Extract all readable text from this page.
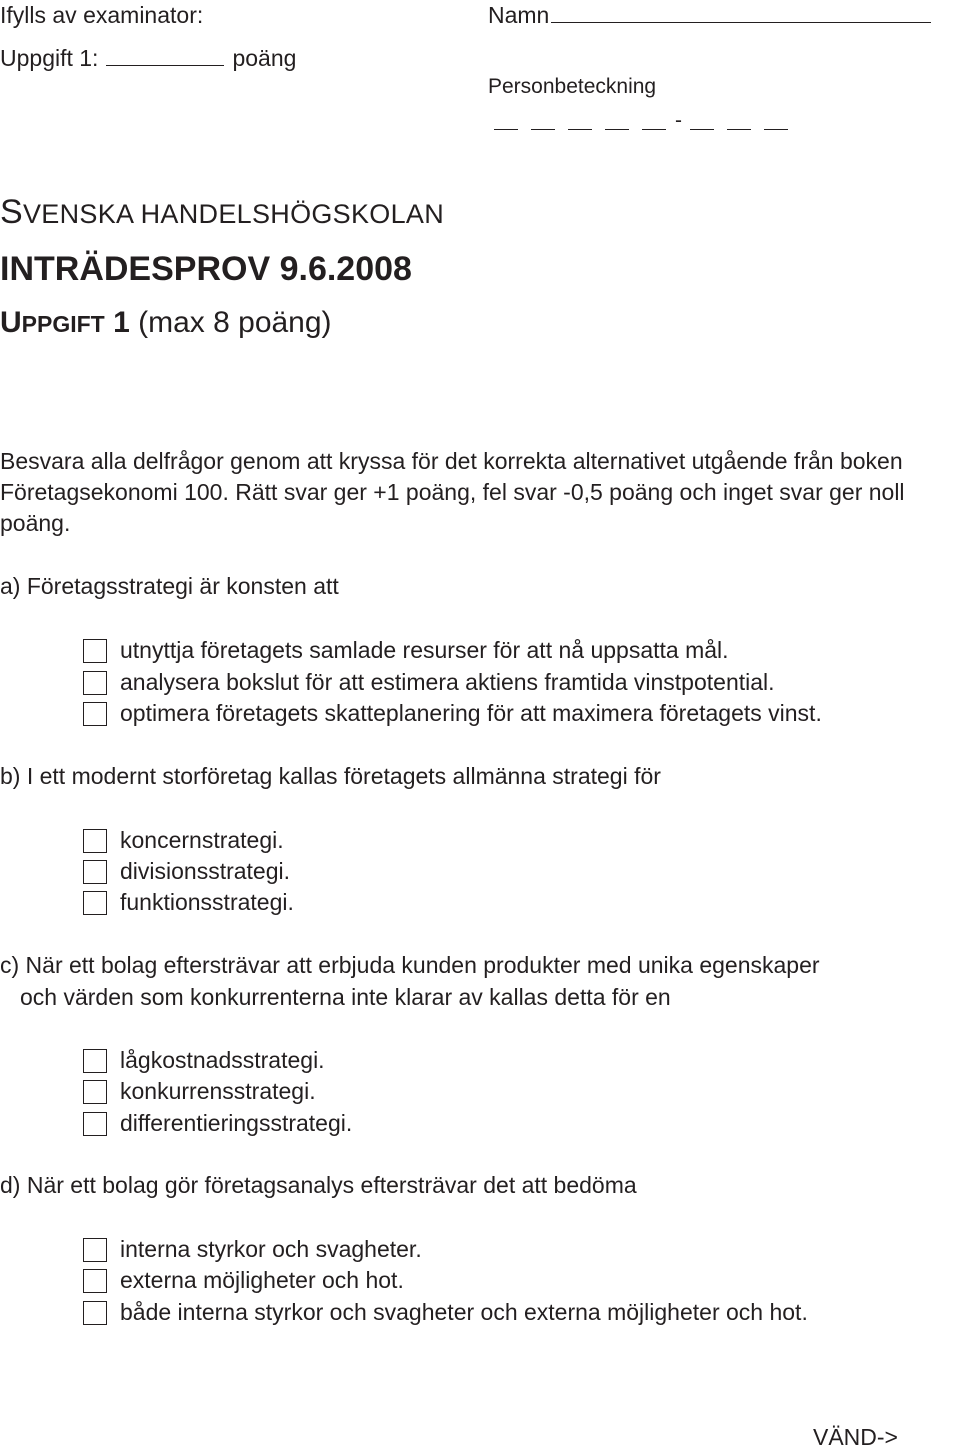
Ifylls av examinator:
Uppgift 1:	poäng
Namn
Personbeteckning
-
SVENSKA HANDELSHÖGSKOLAN
INTRÄDESPROV 9.6.2008
UPPGIFT 1 (max 8 poäng)
Besvara alla delfrågor genom att kryssa för det korrekta alternativet utgående från boken Företagsekonomi 100. Rätt svar ger +1 poäng, fel svar -0,5 poäng och inget svar ger noll poäng.
a) Företagsstrategi är konsten att
utnyttja företagets samlade resurser för att nå uppsatta mål.
analysera bokslut för att estimera aktiens framtida vinstpotential.
optimera företagets skatteplanering för att maximera företagets vinst.
b) I ett modernt storföretag kallas företagets allmänna strategi för
koncernstrategi.
divisionsstrategi.
funktionsstrategi.
c) När ett bolag eftersträvar att erbjuda kunden produkter med unika egenskaper
och värden som konkurrenterna inte klarar av kallas detta för en
lågkostnadsstrategi.
konkurrensstrategi.
differentieringsstrategi.
d) När ett bolag gör företagsanalys eftersträvar det att bedöma
interna styrkor och svagheter.
externa möjligheter och hot.
både interna styrkor och svagheter och externa möjligheter och hot.
VÄND->
